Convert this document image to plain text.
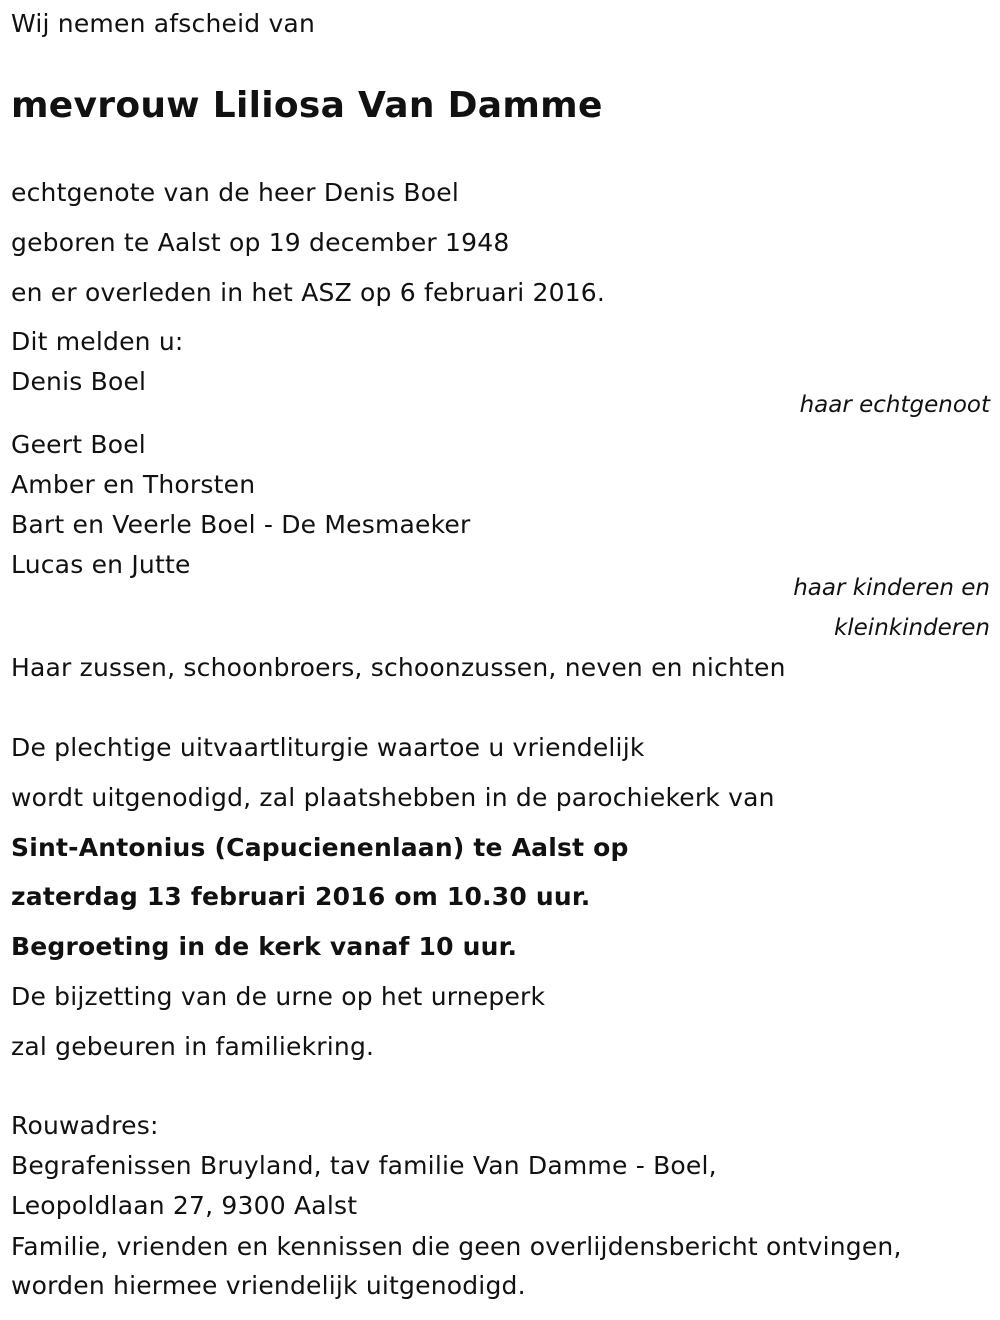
Wij nemen afscheid van
mevrouw Liliosa Van Damme
echtgenote van de heer Denis Boel
geboren te Aalst op 19 december 1948
en er overleden in het ASZ op 6 februari 2016.
Dit melden u:
Denis Boel
haar echtgenoot
Geert Boel
Amber en Thorsten
Bart en Veerle Boel - De Mesmaeker
Lucas en Jutte
haar kinderen en
kleinkinderen
Haar zussen, schoonbroers, schoonzussen, neven en nichten
De plechtige uitvaartliturgie waartoe u vriendelijk
wordt uitgenodigd, zal plaatshebben in de parochiekerk van
Sint-Antonius (Capucienenlaan) te Aalst op
zaterdag 13 februari 2016 om 10.30 uur.
Begroeting in de kerk vanaf 10 uur.
De bijzetting van de urne op het urneperk
zal gebeuren in familiekring.
Rouwadres:
Begrafenissen Bruyland, tav familie Van Damme - Boel,
Leopoldlaan 27, 9300 Aalst
Familie, vrienden en kennissen die geen overlijdensbericht ontvingen,
worden hiermee vriendelijk uitgenodigd.
